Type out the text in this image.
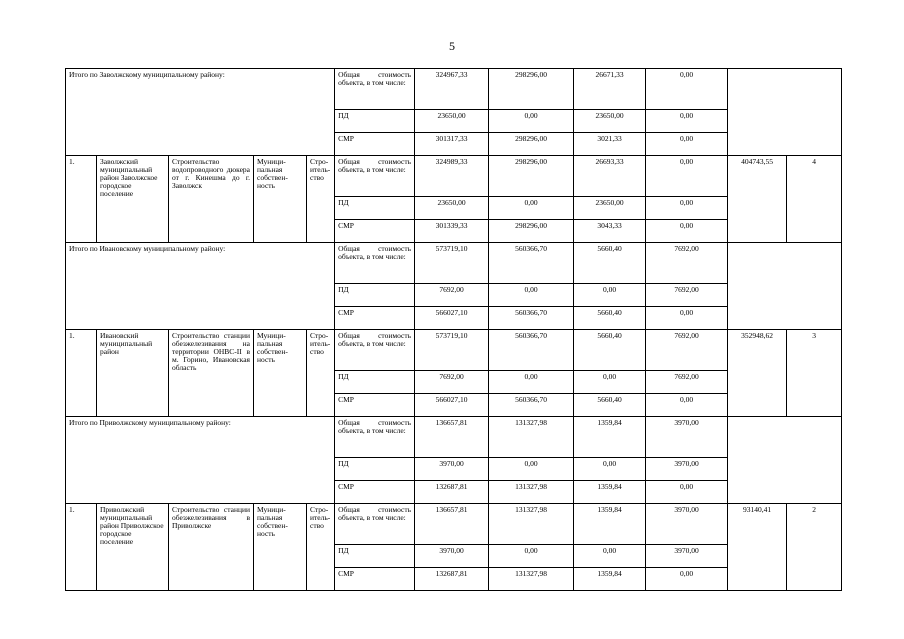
5
Итого по Заволжскому муниципальному району:					Общая стоимость объекта, в том числе:	324967,33	298296,00	26671,33	0,00		
					ПД	23650,00	0,00	23650,00	0,00		
					СМР	301317,33	298296,00	3021,33	0,00		
1.	Заволжский муниципальный район Заволжское городское поселение	Строительство водопроводного дюкера от г. Кинешма до г. Заволжск	Муници-пальная собствен-ность	Стро-итель-ство	Общая стоимость объекта, в том числе:	324989,33	298296,00	26693,33	0,00	404743,55	4
					ПД	23650,00	0,00	23650,00	0,00		
					СМР	301339,33	298296,00	3043,33	0,00		
Итого по Ивановскому муниципальному району:					Общая стоимость объекта, в том числе:	573719,10	560366,70	5660,40	7692,00		
					ПД	7692,00	0,00	0,00	7692,00		
					СМР	566027,10	560366,70	5660,40	0,00		
1.	Ивановский муниципальный район	Строительство станции обезжелезивания на территории ОНВС-II в м. Горино, Ивановская область	Муници-пальная собствен-ность	Стро-итель-ство	Общая стоимость объекта, в том числе:	573719,10	560366,70	5660,40	7692,00	352948,62	3
					ПД	7692,00	0,00	0,00	7692,00		
					СМР	566027,10	560366,70	5660,40	0,00		
Итого по Приволжскому муниципальному району:					Общая стоимость объекта, в том числе:	136657,81	131327,98	1359,84	3970,00		
					ПД	3970,00	0,00	0,00	3970,00		
					СМР	132687,81	131327,98	1359,84	0,00		
1.	Приволжский муниципальный район Приволжское городское поселение	Строительство станции обезжелезивания в Приволжске	Муници-пальная собствен-ность	Стро-итель-ство	Общая стоимость объекта, в том числе:	136657,81	131327,98	1359,84	3970,00	93140,41	2
					ПД	3970,00	0,00	0,00	3970,00		
					СМР	132687,81	131327,98	1359,84	0,00		
